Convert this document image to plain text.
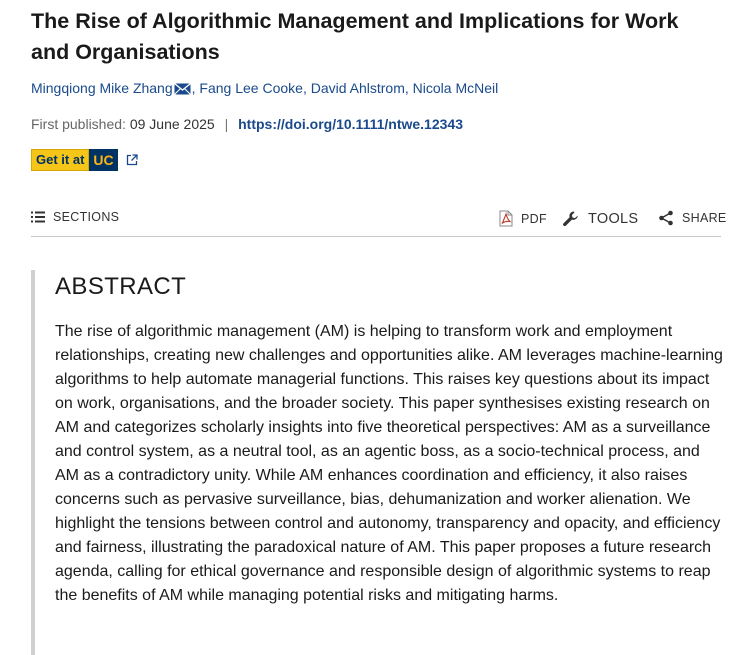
The Rise of Algorithmic Management and Implications for Work and Organisations
Mingqiong Mike Zhang , Fang Lee Cooke, David Ahlstrom, Nicola McNeil
First published: 09 June 2025 | https://doi.org/10.1111/ntwe.12343
Get it at UC
SECTIONS	PDF	TOOLS	SHARE
ABSTRACT

The rise of algorithmic management (AM) is helping to transform work and employment relationships, creating new challenges and opportunities alike. AM leverages machine-learning algorithms to help automate managerial functions. This raises key questions about its impact on work, organisations, and the broader society. This paper synthesises existing research on AM and categorizes scholarly insights into five theoretical perspectives: AM as a surveillance and control system, as a neutral tool, as an agentic boss, as a socio-technical process, and AM as a contradictory unity. While AM enhances coordination and efficiency, it also raises concerns such as pervasive surveillance, bias, dehumanization and worker alienation. We highlight the tensions between control and autonomy, transparency and opacity, and efficiency and fairness, illustrating the paradoxical nature of AM. This paper proposes a future research agenda, calling for ethical governance and responsible design of algorithmic systems to reap the benefits of AM while managing potential risks and mitigating harms.
